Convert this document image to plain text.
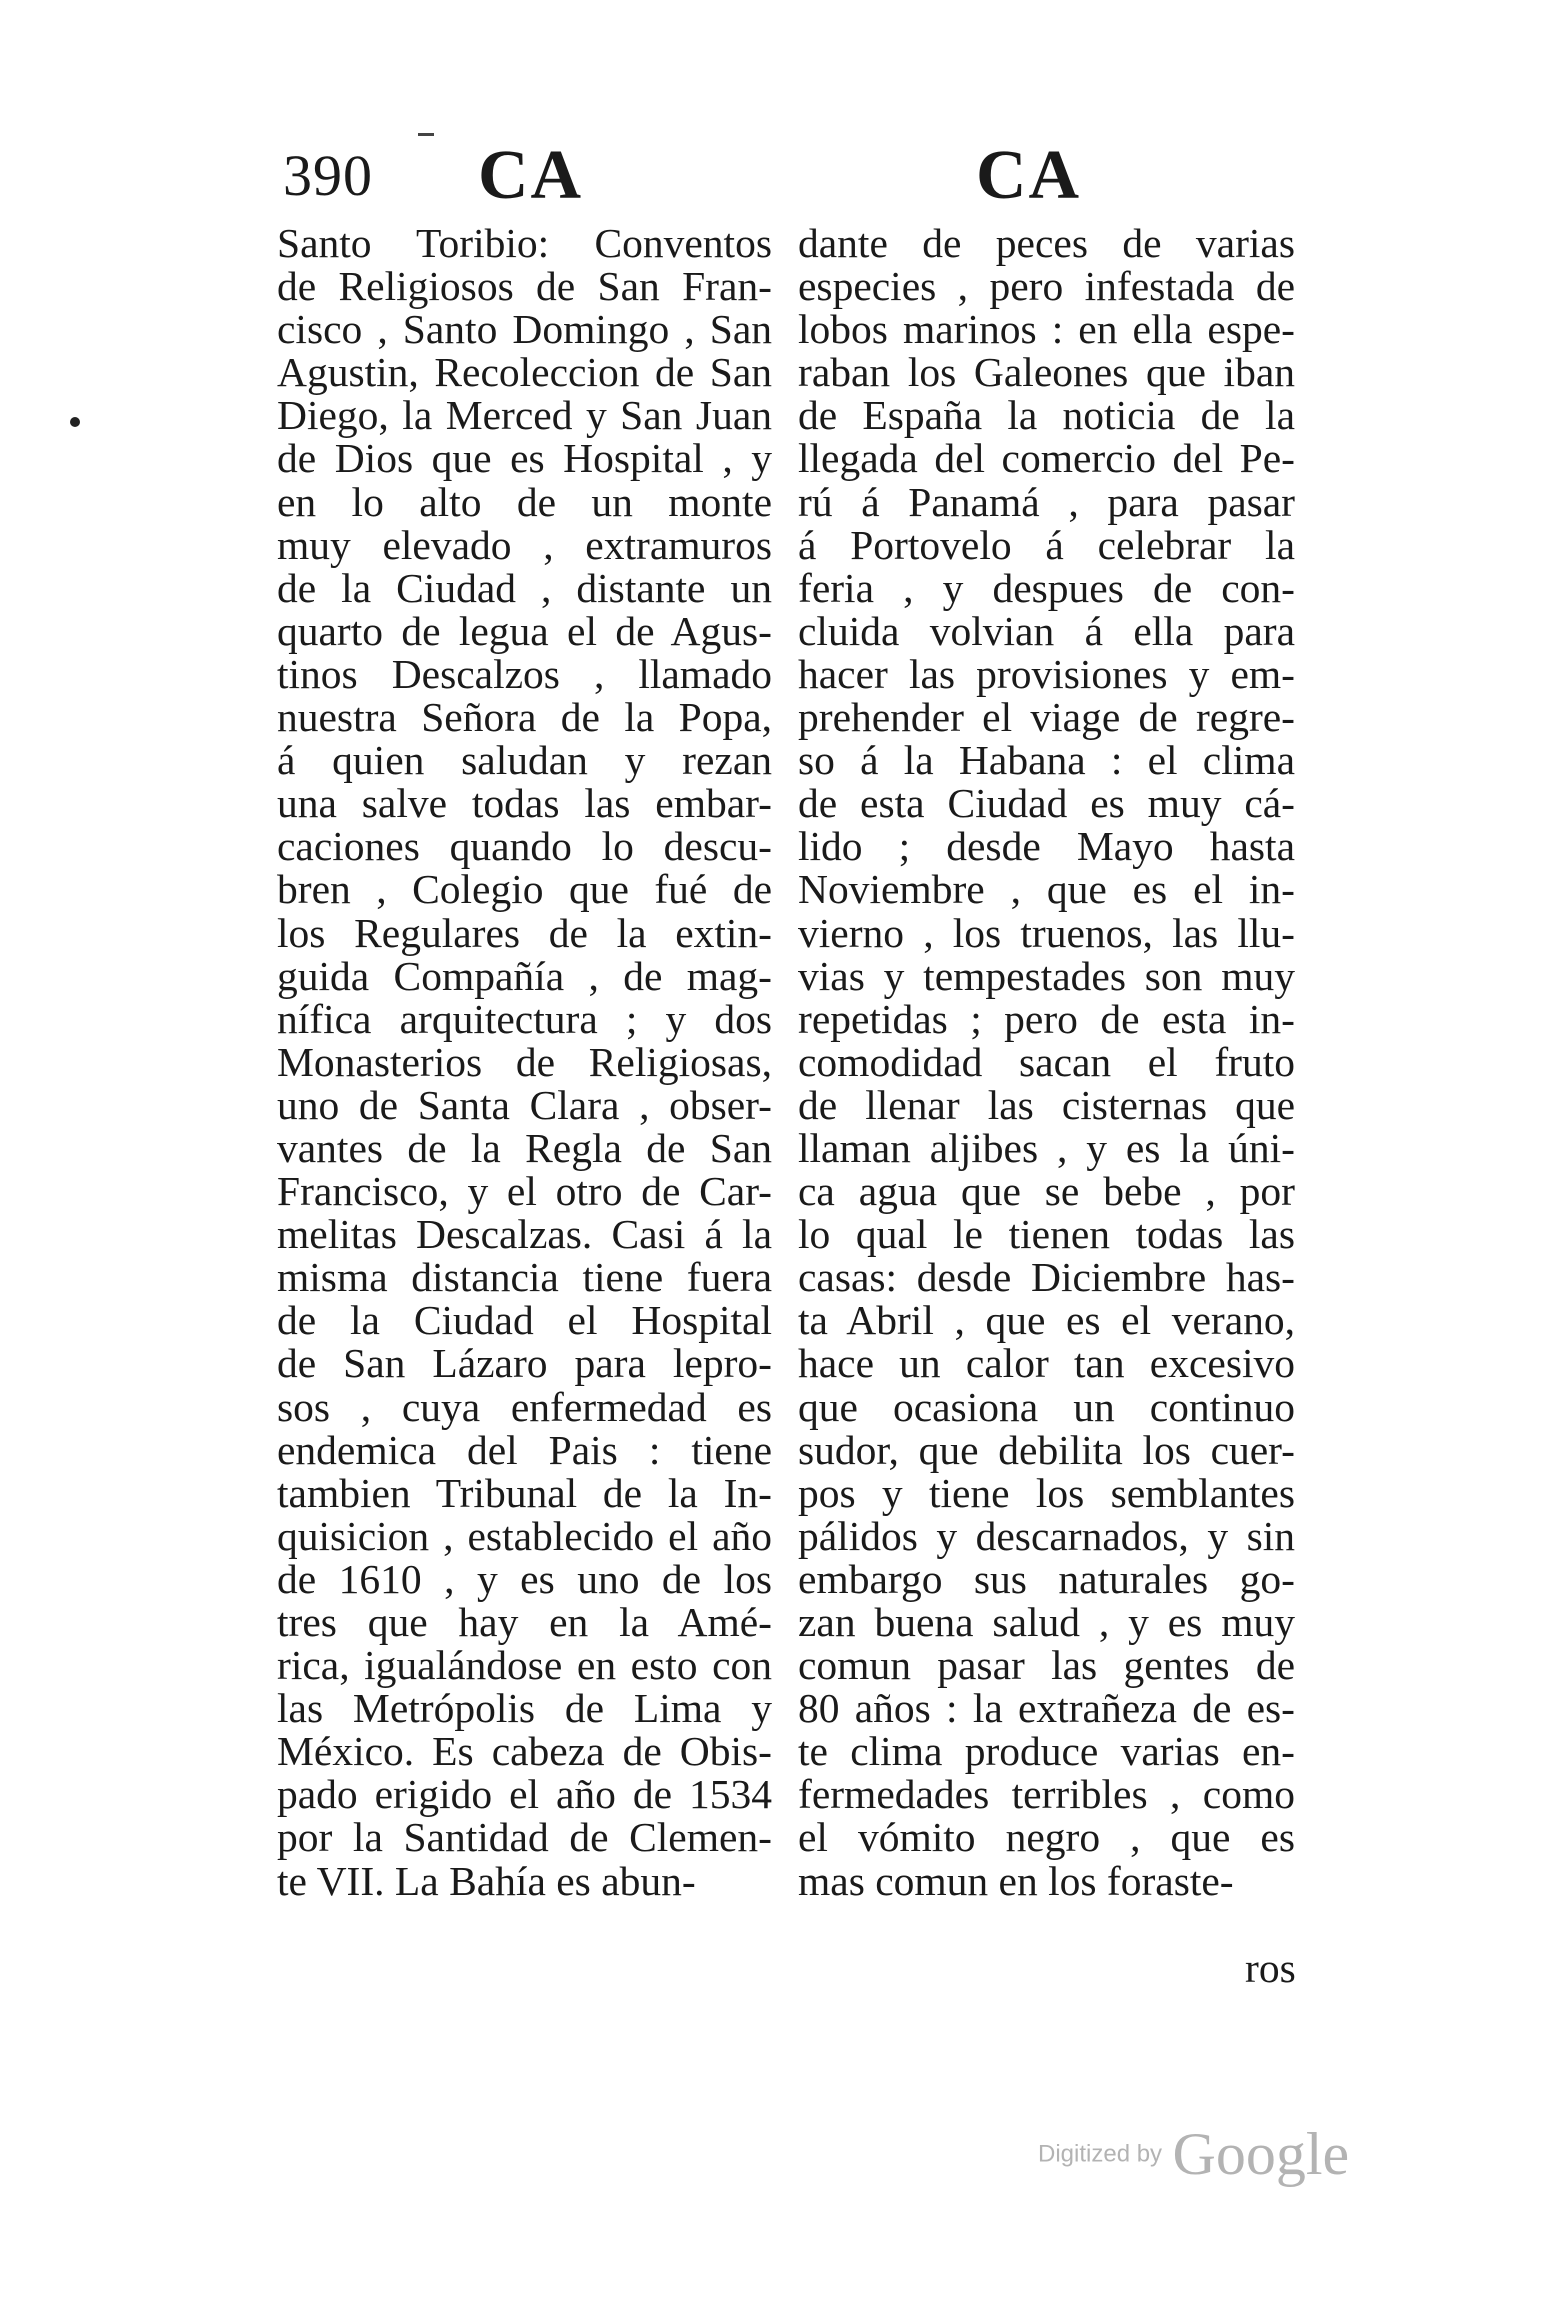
390 CA	CA
Santo Toribio: Conventos
de Religiosos de San Fran-
cisco , Santo Domingo , San
Agustin, Recoleccion de San
Diego, la Merced y San Juan
de Dios que es Hospital , y
en lo alto de un monte
muy elevado , extramuros
de la Ciudad , distante un
quarto de legua el de Agus-
tinos Descalzos , llamado
nuestra Señora de la Popa,
á quien saludan y rezan
una salve todas las embar-
caciones quando lo descu-
bren , Colegio que fué de
los Regulares de la extin-
guida Compañía , de mag-
nífica arquitectura ; y dos
Monasterios de Religiosas,
uno de Santa Clara , obser-
vantes de la Regla de San
Francisco, y el otro de Car-
melitas Descalzas. Casi á la
misma distancia tiene fuera
de la Ciudad el Hospital
de San Lázaro para lepro-
sos , cuya enfermedad es
endemica del Pais : tiene
tambien Tribunal de la In-
quisicion , establecido el año
de 1610 , y es uno de los
tres que hay en la Amé-
rica, igualándose en esto con
las Metrópolis de Lima y
México. Es cabeza de Obis-
pado erigido el año de 1534
por la Santidad de Clemen-
te VII. La Bahía es abun-
dante de peces de varias
especies , pero infestada de
lobos marinos : en ella espe-
raban los Galeones que iban
de España la noticia de la
llegada del comercio del Pe-
rú á Panamá , para pasar
á Portovelo á celebrar la
feria , y despues de con-
cluida volvian á ella para
hacer las provisiones y em-
prehender el viage de regre-
so á la Habana : el clima
de esta Ciudad es muy cá-
lido ; desde Mayo hasta
Noviembre , que es el in-
vierno , los truenos, las llu-
vias y tempestades son muy
repetidas ; pero de esta in-
comodidad sacan el fruto
de llenar las cisternas que
llaman aljibes , y es la úni-
ca agua que se bebe , por
lo qual le tienen todas las
casas: desde Diciembre has-
ta Abril , que es el verano,
hace un calor tan excesivo
que ocasiona un continuo
sudor, que debilita los cuer-
pos y tiene los semblantes
pálidos y descarnados, y sin
embargo sus naturales go-
zan buena salud , y es muy
comun pasar las gentes de
80 años : la extrañeza de es-
te clima produce varias en-
fermedades terribles , como
el vómito negro , que es
mas comun en los foraste-
ros
Digitized by Google
